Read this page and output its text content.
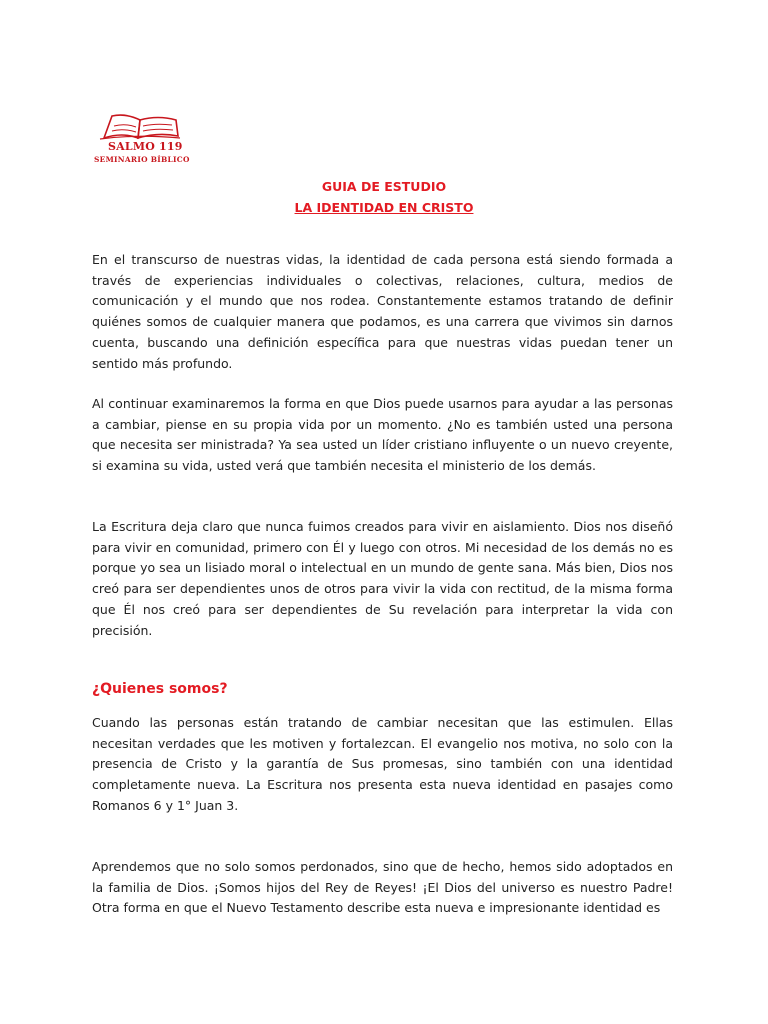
SALMO 119
SEMINARIO BÍBLICO
GUIA DE ESTUDIO
LA IDENTIDAD EN CRISTO

En el transcurso de nuestras vidas, la identidad de cada persona está siendo formada a través de experiencias individuales o colectivas, relaciones, cultura, medios de comunicación y el mundo que nos rodea. Constantemente estamos tratando de definir quiénes somos de cualquier manera que podamos, es una carrera que vivimos sin darnos cuenta, buscando una definición específica para que nuestras vidas puedan tener un sentido más profundo.

Al continuar examinaremos la forma en que Dios puede usarnos para ayudar a las personas a cambiar, piense en su propia vida por un momento. ¿No es también usted una persona que necesita ser ministrada? Ya sea usted un líder cristiano influyente o un nuevo creyente, si examina su vida, usted verá que también necesita el ministerio de los demás.

La Escritura deja claro que nunca fuimos creados para vivir en aislamiento. Dios nos diseñó para vivir en comunidad, primero con Él y luego con otros. Mi necesidad de los demás no es porque yo sea un lisiado moral o intelectual en un mundo de gente sana. Más bien, Dios nos creó para ser dependientes unos de otros para vivir la vida con rectitud, de la misma forma que Él nos creó para ser dependientes de Su revelación para interpretar la vida con precisión.

¿Quienes somos?

Cuando las personas están tratando de cambiar necesitan que las estimulen. Ellas necesitan verdades que les motiven y fortalezcan. El evangelio nos motiva, no solo con la presencia de Cristo y la garantía de Sus promesas, sino también con una identidad completamente nueva. La Escritura nos presenta esta nueva identidad en pasajes como Romanos 6 y 1° Juan 3.

Aprendemos que no solo somos perdonados, sino que de hecho, hemos sido adoptados en la familia de Dios. ¡Somos hijos del Rey de Reyes! ¡El Dios del universo es nuestro Padre! Otra forma en que el Nuevo Testamento describe esta nueva e impresionante identidad es
